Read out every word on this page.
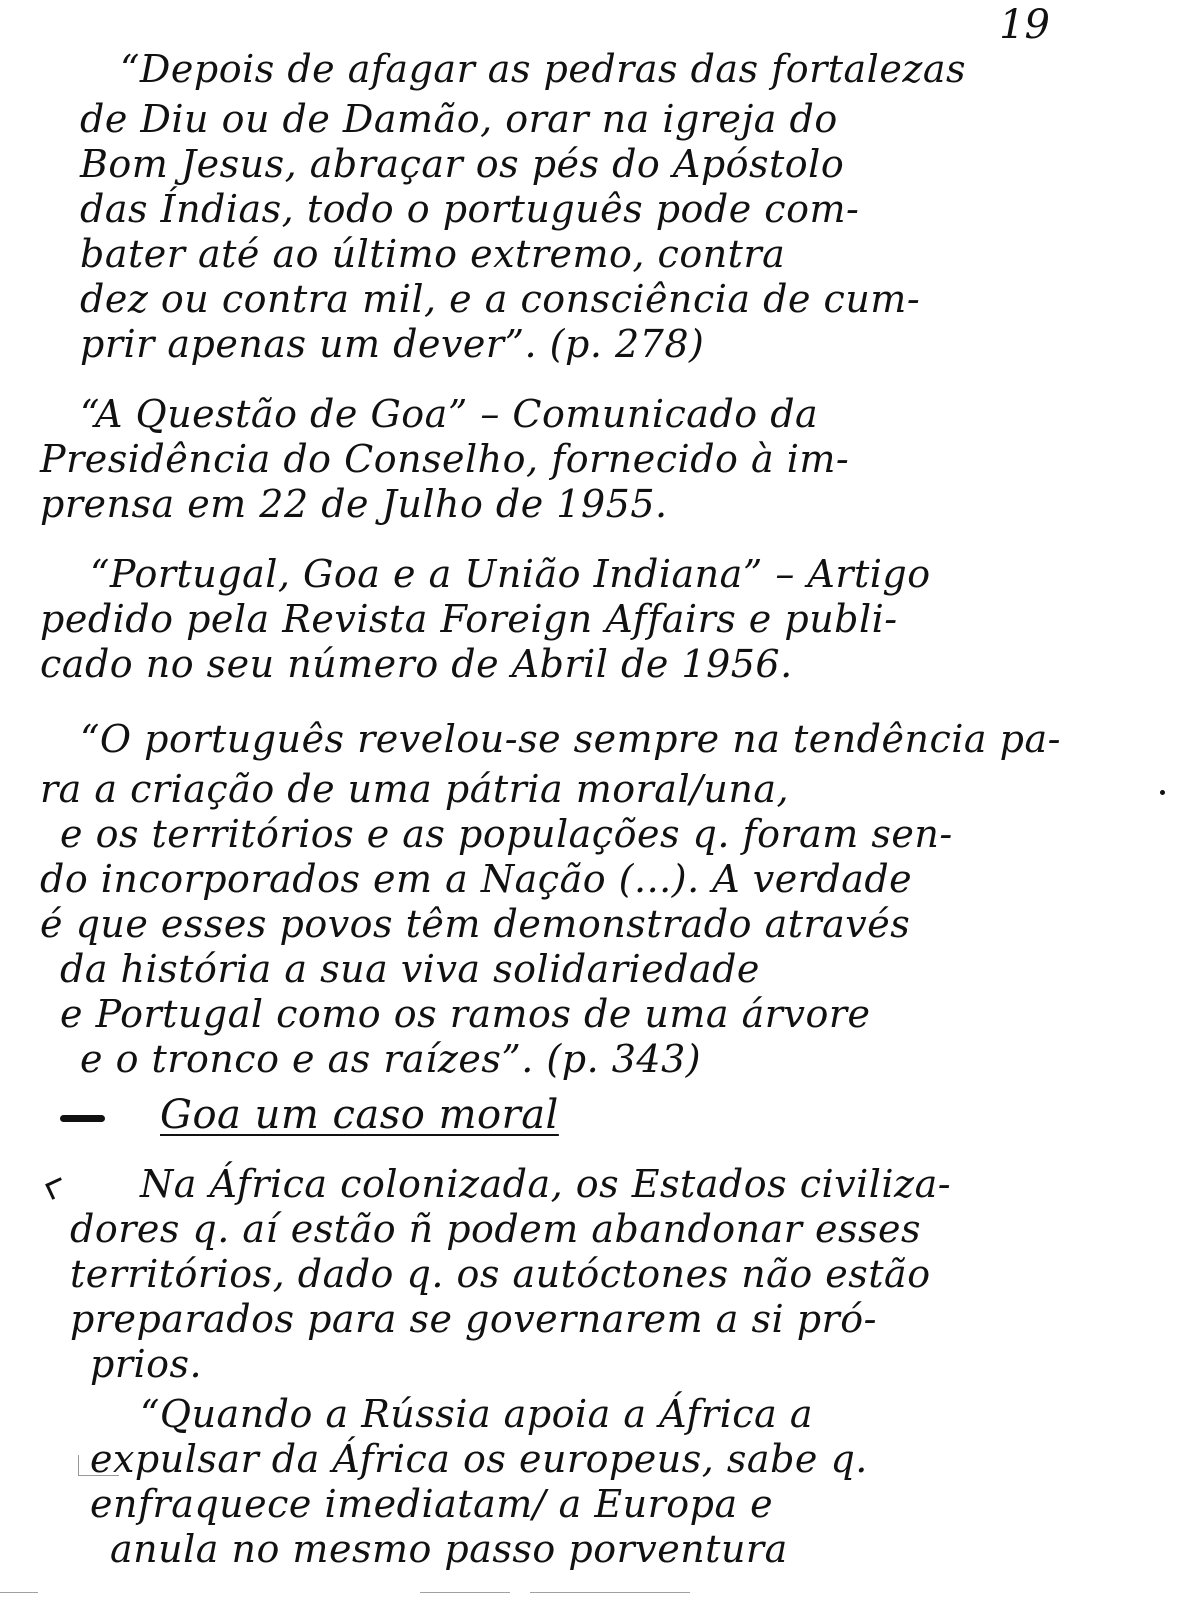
19
“Depois de afagar as pedras das fortalezas
de Diu ou de Damão, orar na igreja do
Bom Jesus, abraçar os pés do Apóstolo
das Índias, todo o português pode com-
bater até ao último extremo, contra
dez ou contra mil, e a consciência de cum-
prir apenas um dever”. (p. 278)
“A Questão de Goa” – Comunicado da
Presidência do Conselho, fornecido à im-
prensa em 22 de Julho de 1955.
“Portugal, Goa e a União Indiana” – Artigo
pedido pela Revista Foreign Affairs e publi-
cado no seu número de Abril de 1956.
“O português revelou-se sempre na tendência pa-
ra a criação de uma pátria moral/una,
e os territórios e as populações q. foram sen-
do incorporados em a Nação (...). A verdade
é que esses povos têm demonstrado através
da história a sua viva solidariedade
e Portugal como os ramos de uma árvore
e o tronco e as raízes”. (p. 343)
Goa um caso moral
Na África colonizada, os Estados civiliza-
dores q. aí estão ñ podem abandonar esses
territórios, dado q. os autóctones não estão
preparados para se governarem a si pró-
prios.
“Quando a Rússia apoia a África a
expulsar da África os europeus, sabe q.
enfraquece imediatam/ a Europa e
anula no mesmo passo porventura
